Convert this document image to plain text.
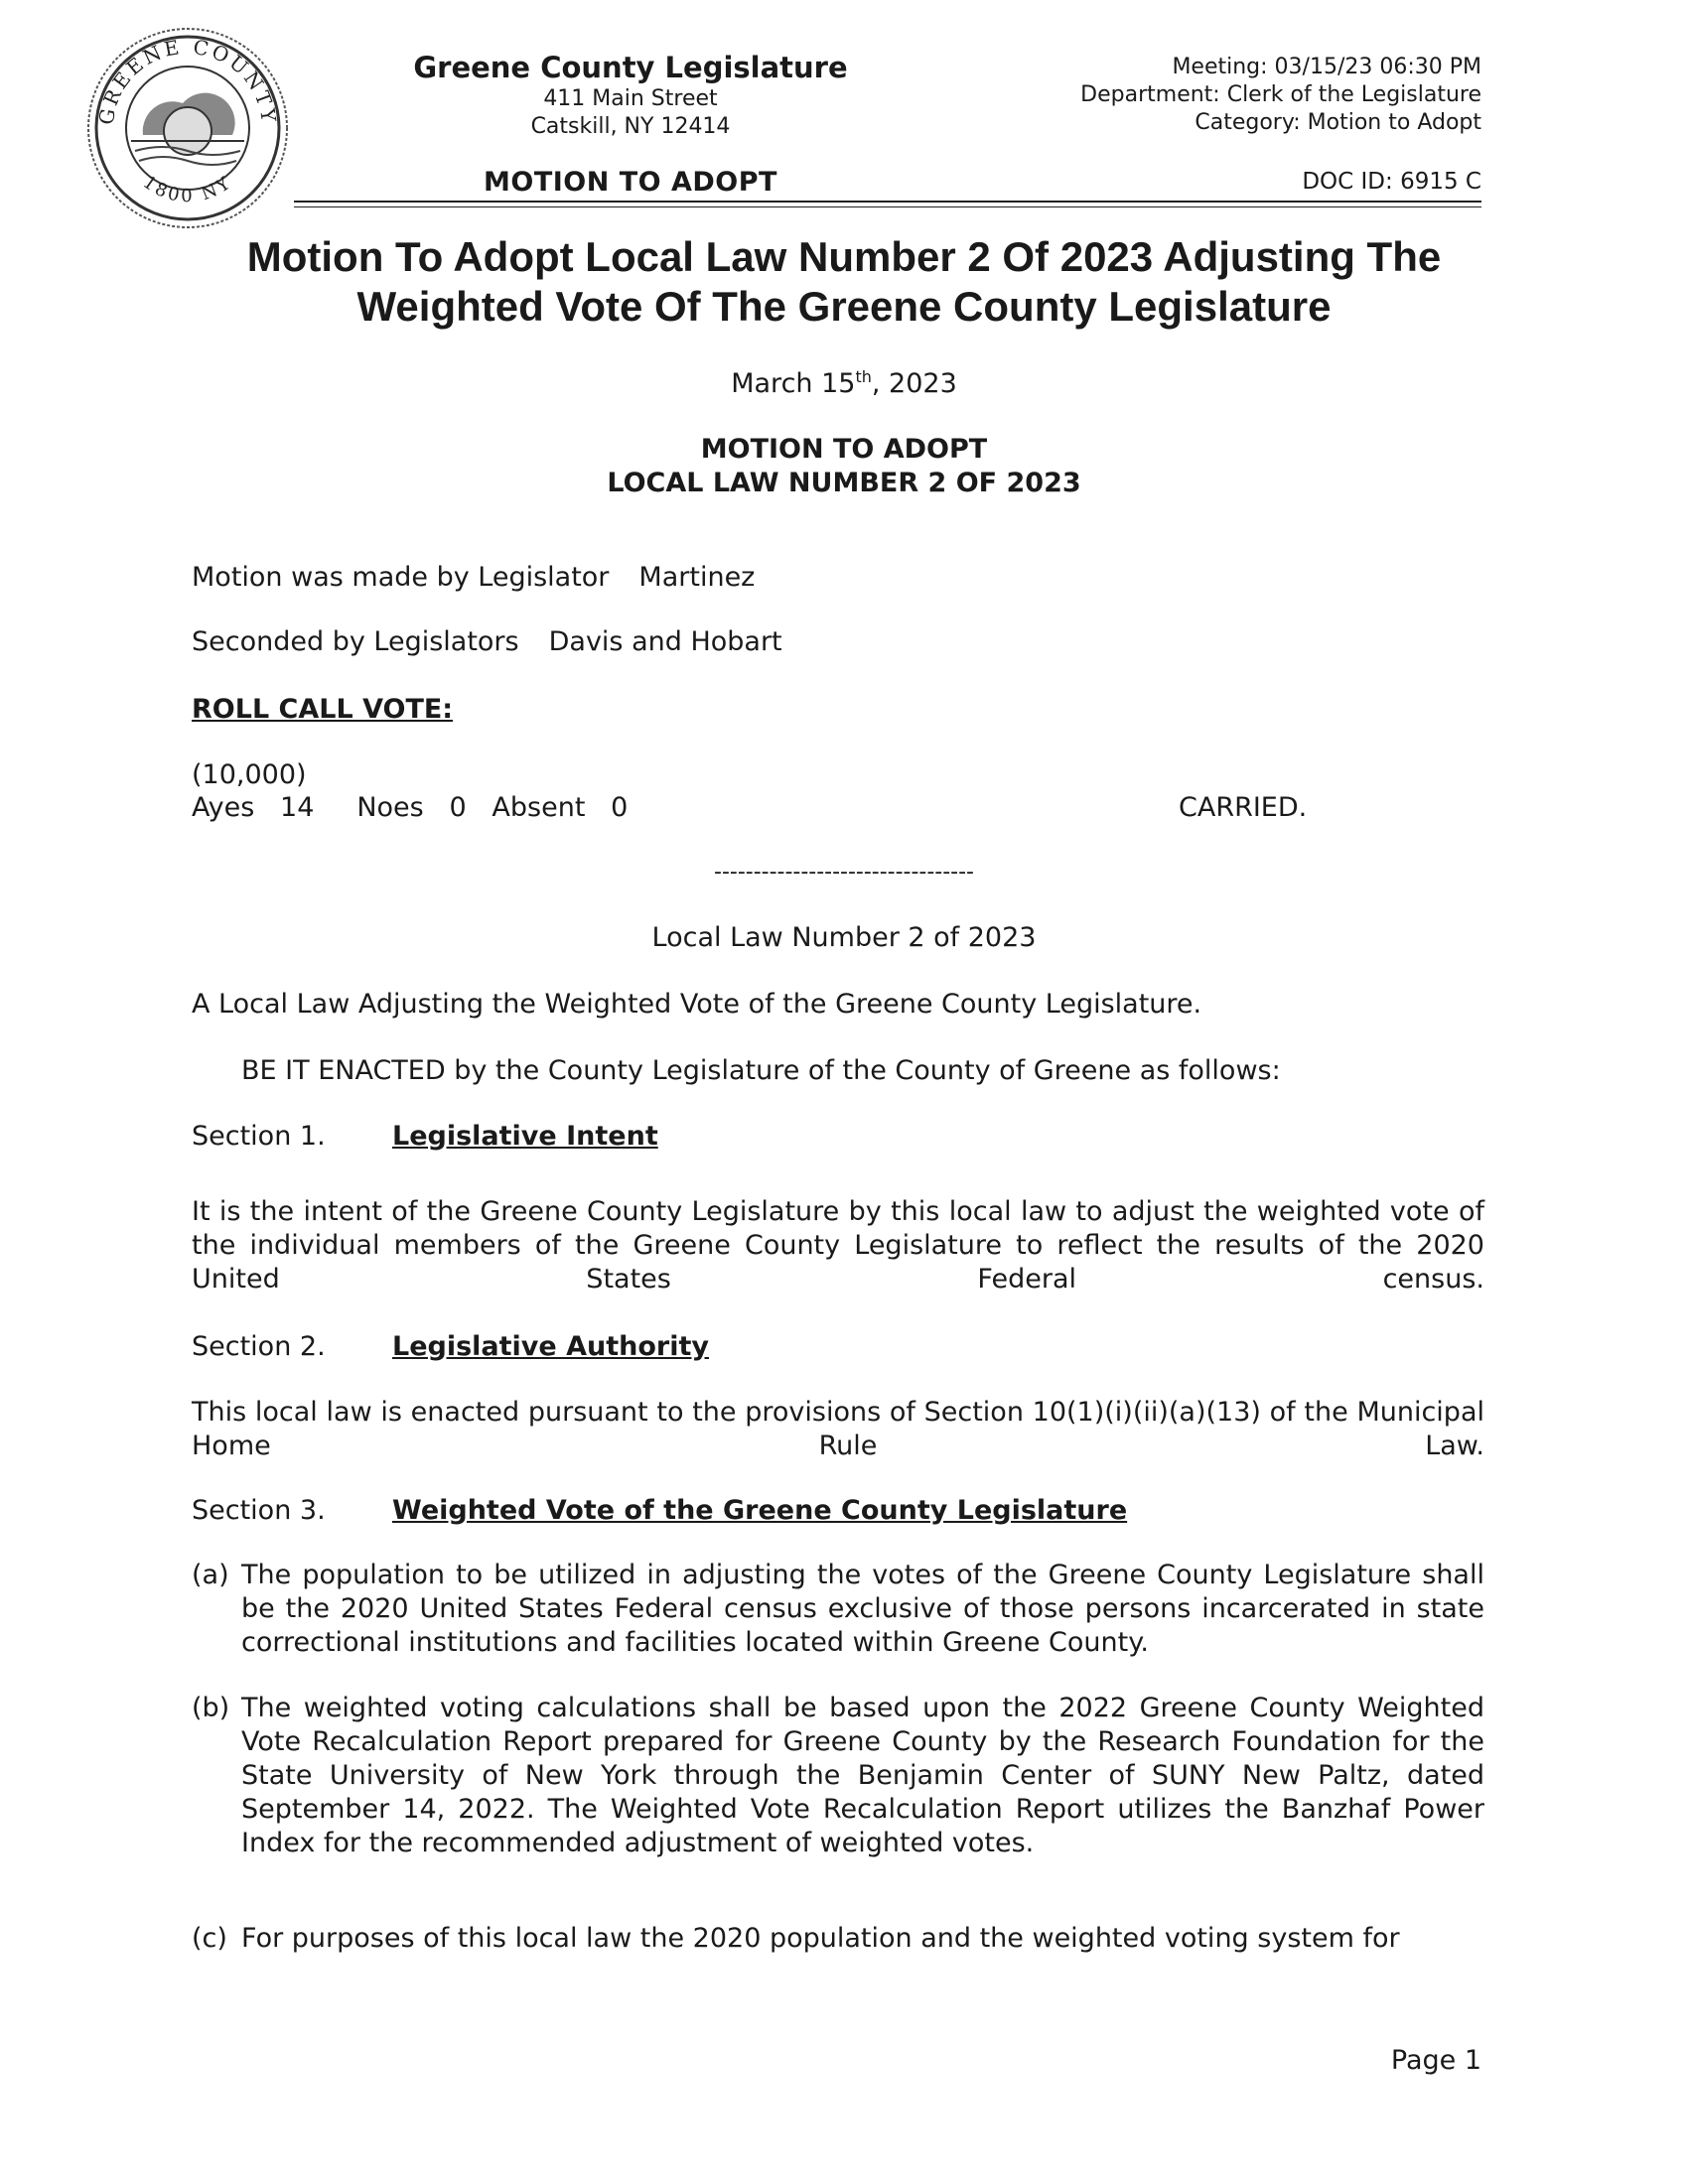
GREENE COUNTY
1800 NY
Greene County Legislature
411 Main Street
Catskill, NY 12414
Meeting: 03/15/23 06:30 PM
Department: Clerk of the Legislature
Category: Motion to Adopt
MOTION TO ADOPT	DOC ID: 6915 C
Motion To Adopt Local Law Number 2 Of 2023 Adjusting The
Weighted Vote Of The Greene County Legislature
March 15th, 2023
MOTION TO ADOPT
LOCAL LAW NUMBER 2 OF 2023
Motion was made by Legislator Martinez
Seconded by Legislators Davis and Hobart
ROLL CALL VOTE:
(10,000)
Ayes 14 Noes 0 Absent 0	CARRIED.
---------------------------------
Local Law Number 2 of 2023
A Local Law Adjusting the Weighted Vote of the Greene County Legislature.
BE IT ENACTED by the County Legislature of the County of Greene as follows:
Section 1. Legislative Intent
It is the intent of the Greene County Legislature by this local law to adjust the weighted vote of the individual members of the Greene County Legislature to reflect the results of the 2020 United States Federal census.
Section 2. Legislative Authority
This local law is enacted pursuant to the provisions of Section 10(1)(i)(ii)(a)(13) of the Municipal Home Rule Law.
Section 3. Weighted Vote of the Greene County Legislature
(a) The population to be utilized in adjusting the votes of the Greene County Legislature shall be the 2020 United States Federal census exclusive of those persons incarcerated in state correctional institutions and facilities located within Greene County.
(b) The weighted voting calculations shall be based upon the 2022 Greene County Weighted Vote Recalculation Report prepared for Greene County by the Research Foundation for the State University of New York through the Benjamin Center of SUNY New Paltz, dated September 14, 2022. The Weighted Vote Recalculation Report utilizes the Banzhaf Power Index for the recommended adjustment of weighted votes.
(c) For purposes of this local law the 2020 population and the weighted voting system for
Page 1
